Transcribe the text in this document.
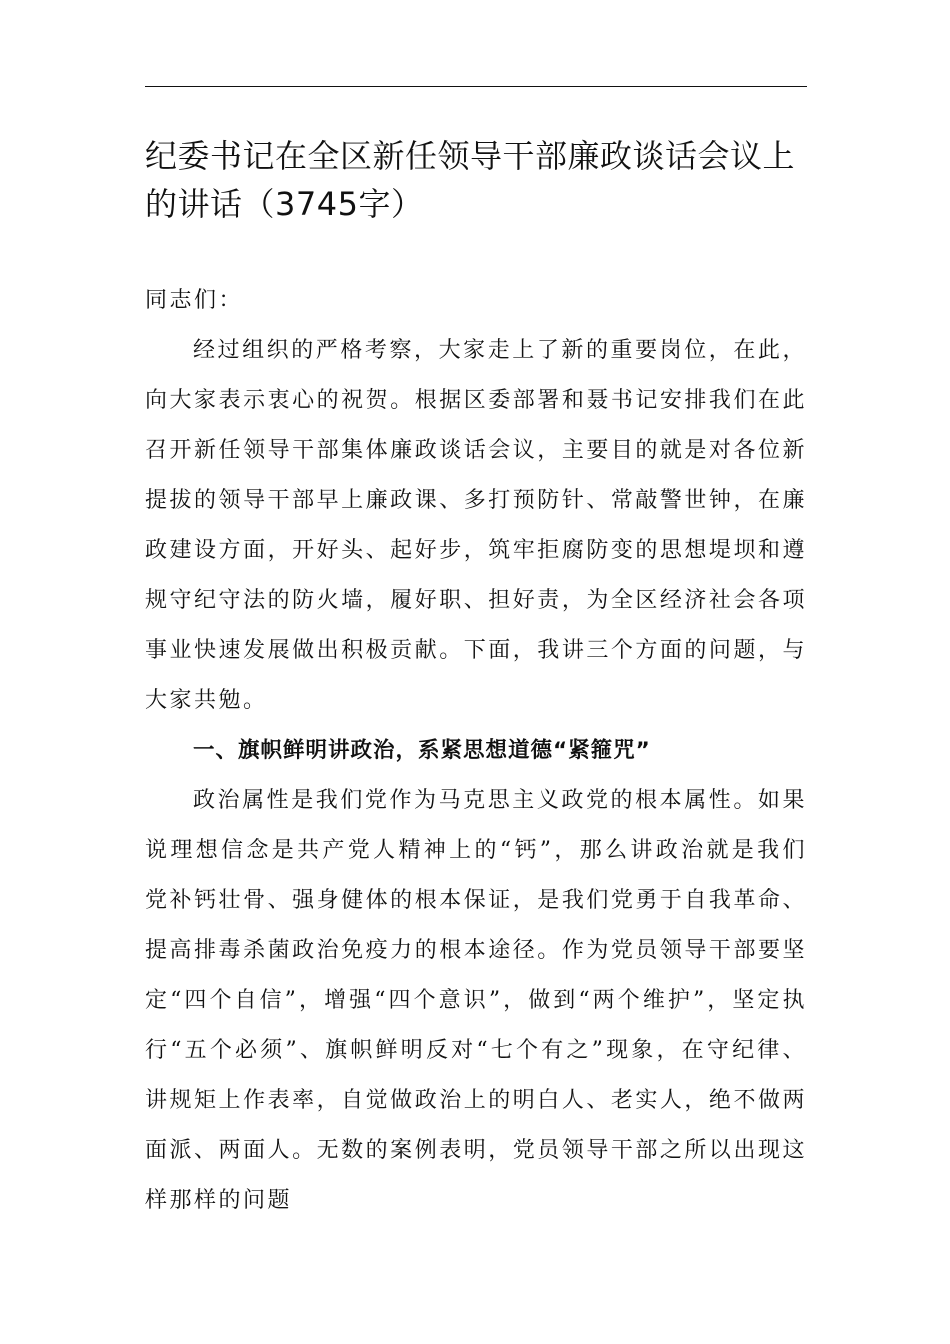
纪委书记在全区新任领导干部廉政谈话会议上的讲话（3745字）

同志们：

经过组织的严格考察，大家走上了新的重要岗位，在此，向大家表示衷心的祝贺。根据区委部署和聂书记安排我们在此召开新任领导干部集体廉政谈话会议，主要目的就是对各位新提拔的领导干部早上廉政课、多打预防针、常敲警世钟，在廉政建设方面，开好头、起好步，筑牢拒腐防变的思想堤坝和遵规守纪守法的防火墙，履好职、担好责，为全区经济社会各项事业快速发展做出积极贡献。下面，我讲三个方面的问题，与大家共勉。

一、旗帜鲜明讲政治，系紧思想道德“紧箍咒”

政治属性是我们党作为马克思主义政党的根本属性。如果说理想信念是共产党人精神上的“钙”，那么讲政治就是我们党补钙壮骨、强身健体的根本保证，是我们党勇于自我革命、提高排毒杀菌政治免疫力的根本途径。作为党员领导干部要坚定“四个自信”，增强“四个意识”，做到“两个维护”，坚定执行“五个必须”、旗帜鲜明反对“七个有之”现象，在守纪律、讲规矩上作表率，自觉做政治上的明白人、老实人，绝不做两面派、两面人。无数的案例表明，党员领导干部之所以出现这样那样的问题
